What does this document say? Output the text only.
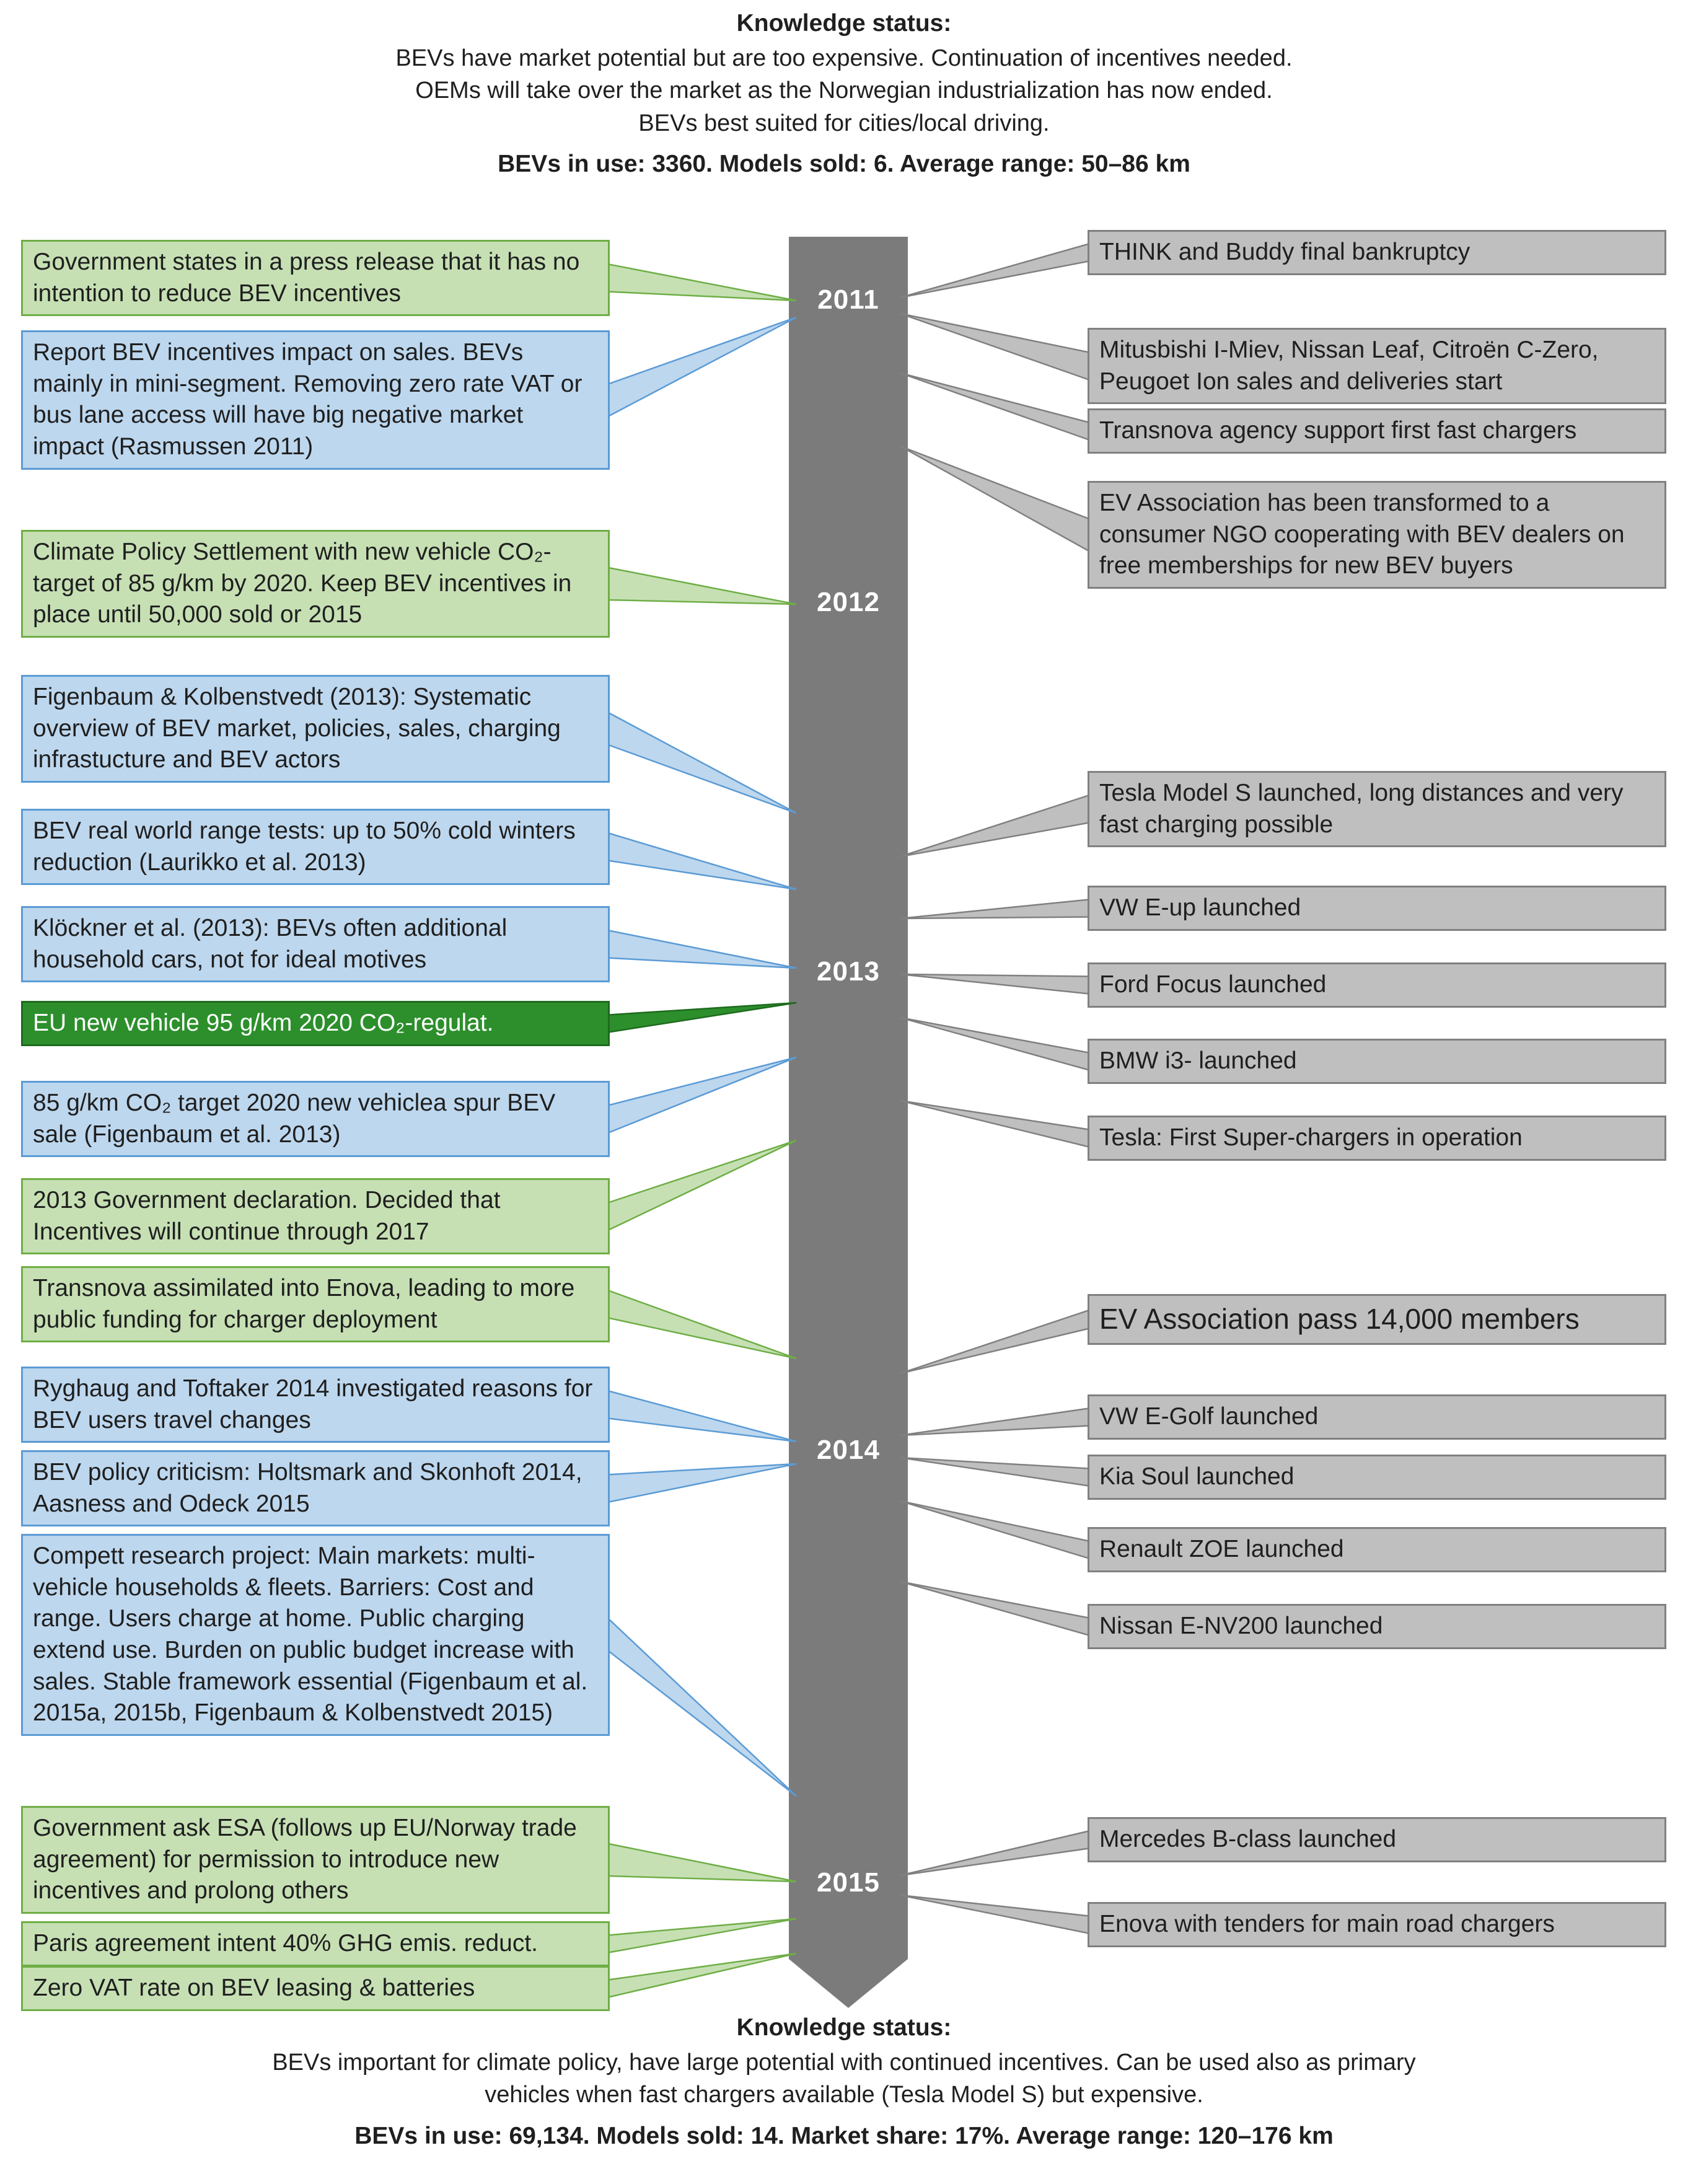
Knowledge status:
BEVs have market potential but are too expensive. Continuation of incentives needed. OEMs will take over the market as the Norwegian industrialization has now ended. BEVs best suited for cities/local driving.
BEVs in use: 3360. Models sold: 6. Average range: 50–86 km
2011
2012
2013
2014
2015
Government states in a press release that it has no intention to reduce BEV incentives
Report BEV incentives impact on sales. BEVs mainly in mini-segment. Removing zero rate VAT or bus lane access will have big negative market impact (Rasmussen 2011)
Climate Policy Settlement with new vehicle CO₂-target of 85 g/km by 2020. Keep BEV incentives in place until 50,000 sold or 2015
Figenbaum & Kolbenstvedt (2013): Systematic overview of BEV market, policies, sales, charging infrastucture and BEV actors
BEV real world range tests: up to 50% cold winters reduction (Laurikko et al. 2013)
Klöckner et al. (2013): BEVs often additional household cars, not for ideal motives
EU new vehicle 95 g/km 2020 CO₂-regulat.
85 g/km CO₂ target 2020 new vehiclea spur BEV sale (Figenbaum et al. 2013)
2013 Government declaration. Decided that Incentives will continue through 2017
Transnova assimilated into Enova, leading to more public funding for charger deployment
Ryghaug and Toftaker 2014 investigated reasons for BEV users travel changes
BEV policy criticism: Holtsmark and Skonhoft 2014, Aasness and Odeck 2015
Compett research project: Main markets: multi-vehicle households & fleets. Barriers: Cost and range. Users charge at home. Public charging extend use. Burden on public budget increase with sales. Stable framework essential (Figenbaum et al. 2015a, 2015b, Figenbaum & Kolbenstvedt 2015)
Government ask ESA (follows up EU/Norway trade agreement) for permission to introduce new incentives and prolong others
Paris agreement intent 40% GHG emis. reduct.
Zero VAT rate on BEV leasing & batteries
THINK and Buddy final bankruptcy
Mitusbishi I-Miev, Nissan Leaf, Citroën C-Zero, Peugoet Ion sales and deliveries start
Transnova agency support first fast chargers
EV Association has been transformed to a consumer NGO cooperating with BEV dealers on free memberships for new BEV buyers
Tesla Model S launched, long distances and very fast charging possible
VW E-up launched
Ford Focus launched
BMW i3- launched
Tesla: First Super-chargers in operation
EV Association pass 14,000 members
VW E-Golf launched
Kia Soul launched
Renault ZOE launched
Nissan E-NV200 launched
Mercedes B-class launched
Enova with tenders for main road chargers
Knowledge status:
BEVs important for climate policy, have large potential with continued incentives. Can be used also as primary vehicles when fast chargers available (Tesla Model S) but expensive.
BEVs in use: 69,134. Models sold: 14. Market share: 17%. Average range: 120–176 km
